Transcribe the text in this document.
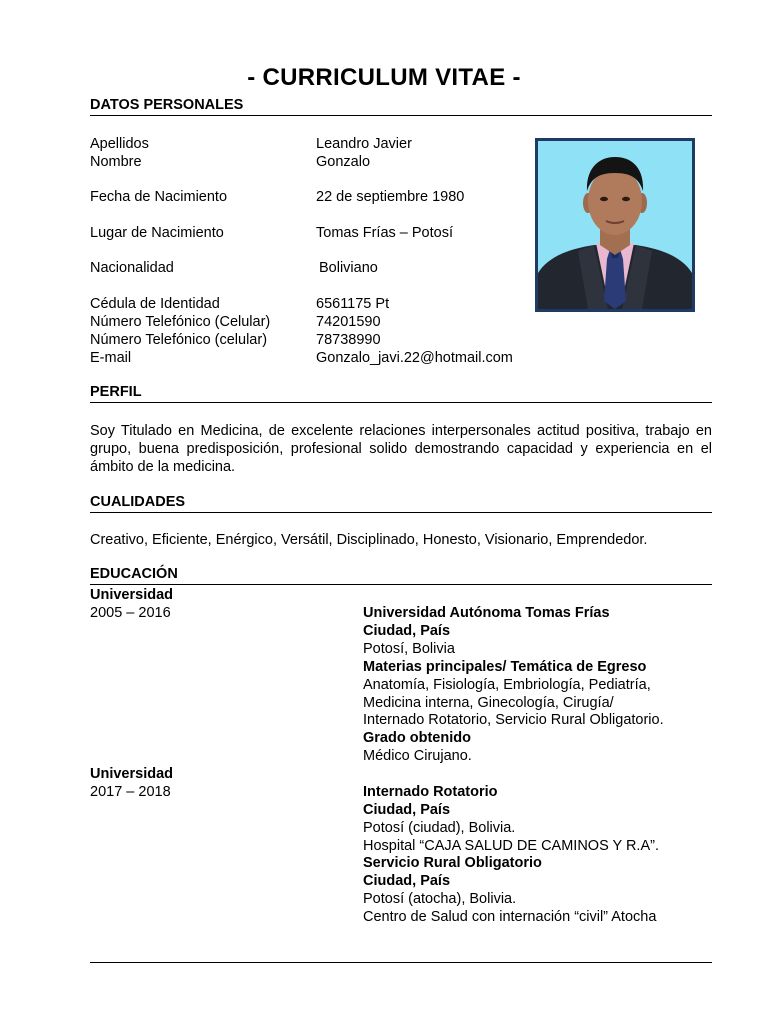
- CURRICULUM VITAE -
DATOS PERSONALES
Apellidos	Leandro Javier
Nombre	Gonzalo
Fecha de Nacimiento	22 de septiembre 1980
Lugar de Nacimiento	Tomas Frías – Potosí
Nacionalidad	Boliviano
Cédula de Identidad	6561175 Pt
Número Telefónico (Celular)	74201590
Número Telefónico (celular)	78738990
E-mail	Gonzalo_javi.22@hotmail.com
PERFIL
Soy Titulado en Medicina, de excelente relaciones interpersonales actitud positiva, trabajo en grupo, buena predisposición, profesional solido demostrando capacidad y experiencia en el ámbito de la medicina.
CUALIDADES
Creativo, Eficiente, Enérgico, Versátil, Disciplinado, Honesto, Visionario, Emprendedor.
EDUCACIÓN
Universidad
2005 – 2016	Universidad Autónoma Tomas Frías
Ciudad, País
Potosí, Bolivia
Materias principales/ Temática de Egreso
Anatomía, Fisiología, Embriología, Pediatría,
Medicina interna, Ginecología, Cirugía/
Internado Rotatorio, Servicio Rural Obligatorio.
Grado obtenido
Médico Cirujano.
Universidad
2017 – 2018	Internado Rotatorio
Ciudad, País
Potosí (ciudad), Bolivia.
Hospital “CAJA SALUD DE CAMINOS Y R.A”.
Servicio Rural Obligatorio
Ciudad, País
Potosí (atocha), Bolivia.
Centro de Salud con internación “civil” Atocha
